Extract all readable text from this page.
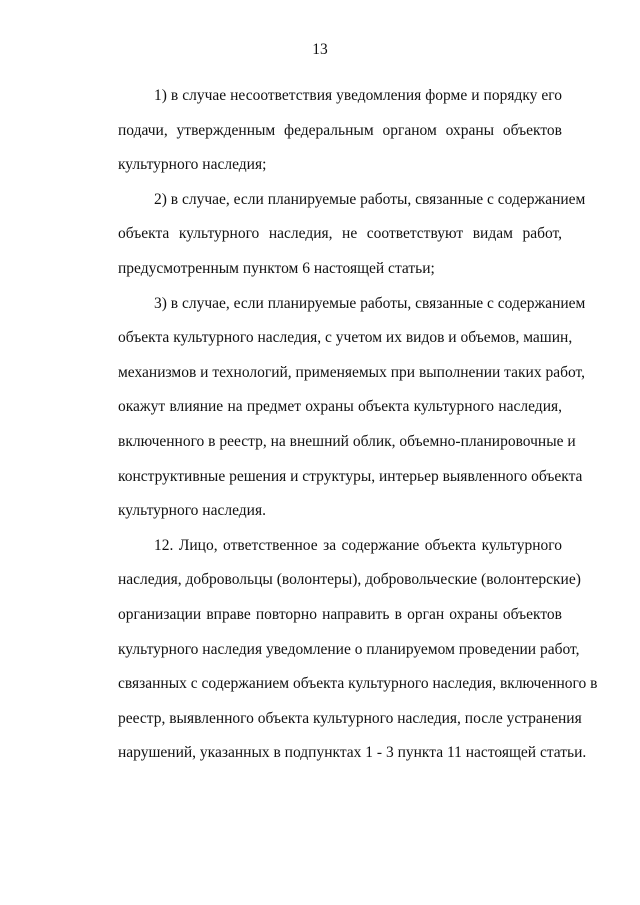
13
1) в случае несоответствия уведомления форме и порядку его
подачи, утвержденным федеральным органом охраны объектов
культурного наследия;
2) в случае, если планируемые работы, связанные с содержанием
объекта культурного наследия, не соответствуют видам работ,
предусмотренным пунктом 6 настоящей статьи;
3) в случае, если планируемые работы, связанные с содержанием
объекта культурного наследия, с учетом их видов и объемов, машин,
механизмов и технологий, применяемых при выполнении таких работ,
окажут влияние на предмет охраны объекта культурного наследия,
включенного в реестр, на внешний облик, объемно-планировочные и
конструктивные решения и структуры, интерьер выявленного объекта
культурного наследия.
12. Лицо, ответственное за содержание объекта культурного
наследия, добровольцы (волонтеры), добровольческие (волонтерские)
организации вправе повторно направить в орган охраны объектов
культурного наследия уведомление о планируемом проведении работ,
связанных с содержанием объекта культурного наследия, включенного в
реестр, выявленного объекта культурного наследия, после устранения
нарушений, указанных в подпунктах 1 - 3 пункта 11 настоящей статьи.
